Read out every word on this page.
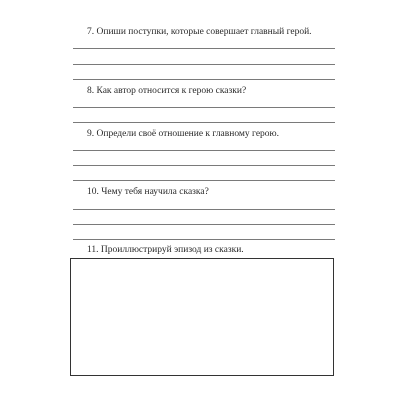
7. Опиши поступки, которые совершает главный герой.
8. Как автор относится к герою сказки?
9. Определи своё отношение к главному герою.
10. Чему тебя научила сказка?
11. Проиллюстрируй эпизод из сказки.
